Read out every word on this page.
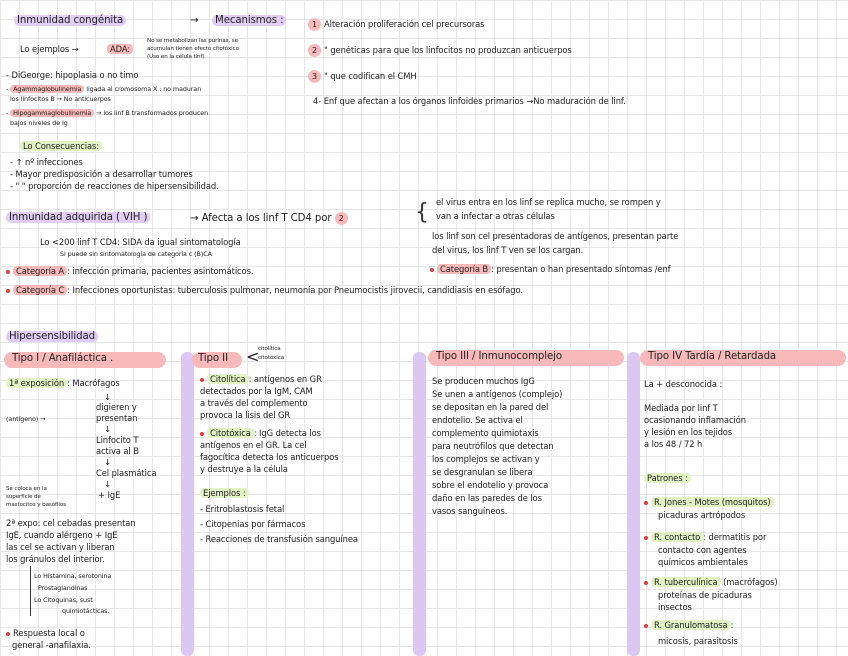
Inmunidad congénita	→ Mecanismos :	1 Alteración proliferación cel precursoras
2 " genéticas para que los linfocitos no produzcan anticuerpos
3 " que codifican el CMH
4- Enf que afectan a los órganos linfoides primarios →No maduración de linf.
Lo ejemplos →	ADA:
No se metabolizan las purinas, se
acumulan tienen efecto citotóxico
(Uso en la célula tinf)
- DiGeorge: hipoplasia o no timo
- Agammaglobulinemia ligada al cromosoma X : no maduran
los linfocitos B → No anticuerpos
- Hipogammaglobulinemia → los linf B transformados producen
bajos niveles de Ig
Lo Consecuencias:
- ↑ nº infecciones
- Mayor predisposición a desarrollar tumores
- " " proporción de reacciones de hipersensibilidad.
Inmunidad adquirida ( VIH )	→ Afecta a los linf T CD4 por 2	{ el virus entra en los linf se replica mucho, se rompen y
van a infectar a otras células
los linf son cel presentadoras de antígenos, presentan parte
del virus, los linf T ven se los cargan.
Lo <200 linf T CD4: SIDA da igual sintomatología
Si puede sin sintomatología de categoría c (B)CA
Categoría A : infección primaria, pacientes asintomáticos.	Categoría B : presentan o han presentado síntomas /enf
Categoría C : Infecciones oportunistas: tuberculosis pulmonar, neumonía por Pneumocistis jirovecii, candidiasis en esófago.
Hipersensibilidad
Tipo I / Anafiláctica .
1ª exposición : Macrófagos
↓
digieren y
presentan
(antígeno) →
↓
Linfocito T
activa al B
↓
Cel plasmática
↓
+ IgE
Se coloca en la
superficie de
mastocitos y basófilos
2ª expo: cel cebadas presentan
IgE, cuando alérgeno + IgE
las cel se activan y liberan
los gránulos del interior.
Lo Histamina, serotonina
Prostaglandinas
Lo Citoquinas, sust
quimiotácticas.
Respuesta local o
general -anafilaxia.
Tipo II <
citolítica
citotóxica
Citolítica : antígenos en GR
detectados por la IgM, CAM
a través del complemento
provoca la lisis del GR
Citotóxica : IgG detecta los
antígenos en el GR. La cel
fagocítica detecta los anticuerpos
y destruye a la célula
Ejemplos :
- Eritroblastosis fetal
- Citopenias por fármacos
- Reacciones de transfusión sanguínea
Tipo III / Inmunocomplejo
Se producen muchos IgG
Se unen a antígenos (complejo)
se depositan en la pared del
endotelio. Se activa el
complemento quimiotaxis
para neutrófilos que detectan
los complejos se activan y
se desgranulan se libera
sobre el endotelio y provoca
daño en las paredes de los
vasos sanguíneos.
Tipo IV Tardía / Retardada
La + desconocida :
Mediada por linf T
ocasionando inflamación
y lesión en los tejidos
a los 48 / 72 h
Patrones :
R. Jones - Motes (mosquitos)
picaduras artrópodos
R. contacto : dermatitis por
contacto con agentes
químicos ambientales
R. tuberculínica (macrófagos)
proteínas de picaduras
insectos
R. Granulomatosa :
micosis, parasitosis
